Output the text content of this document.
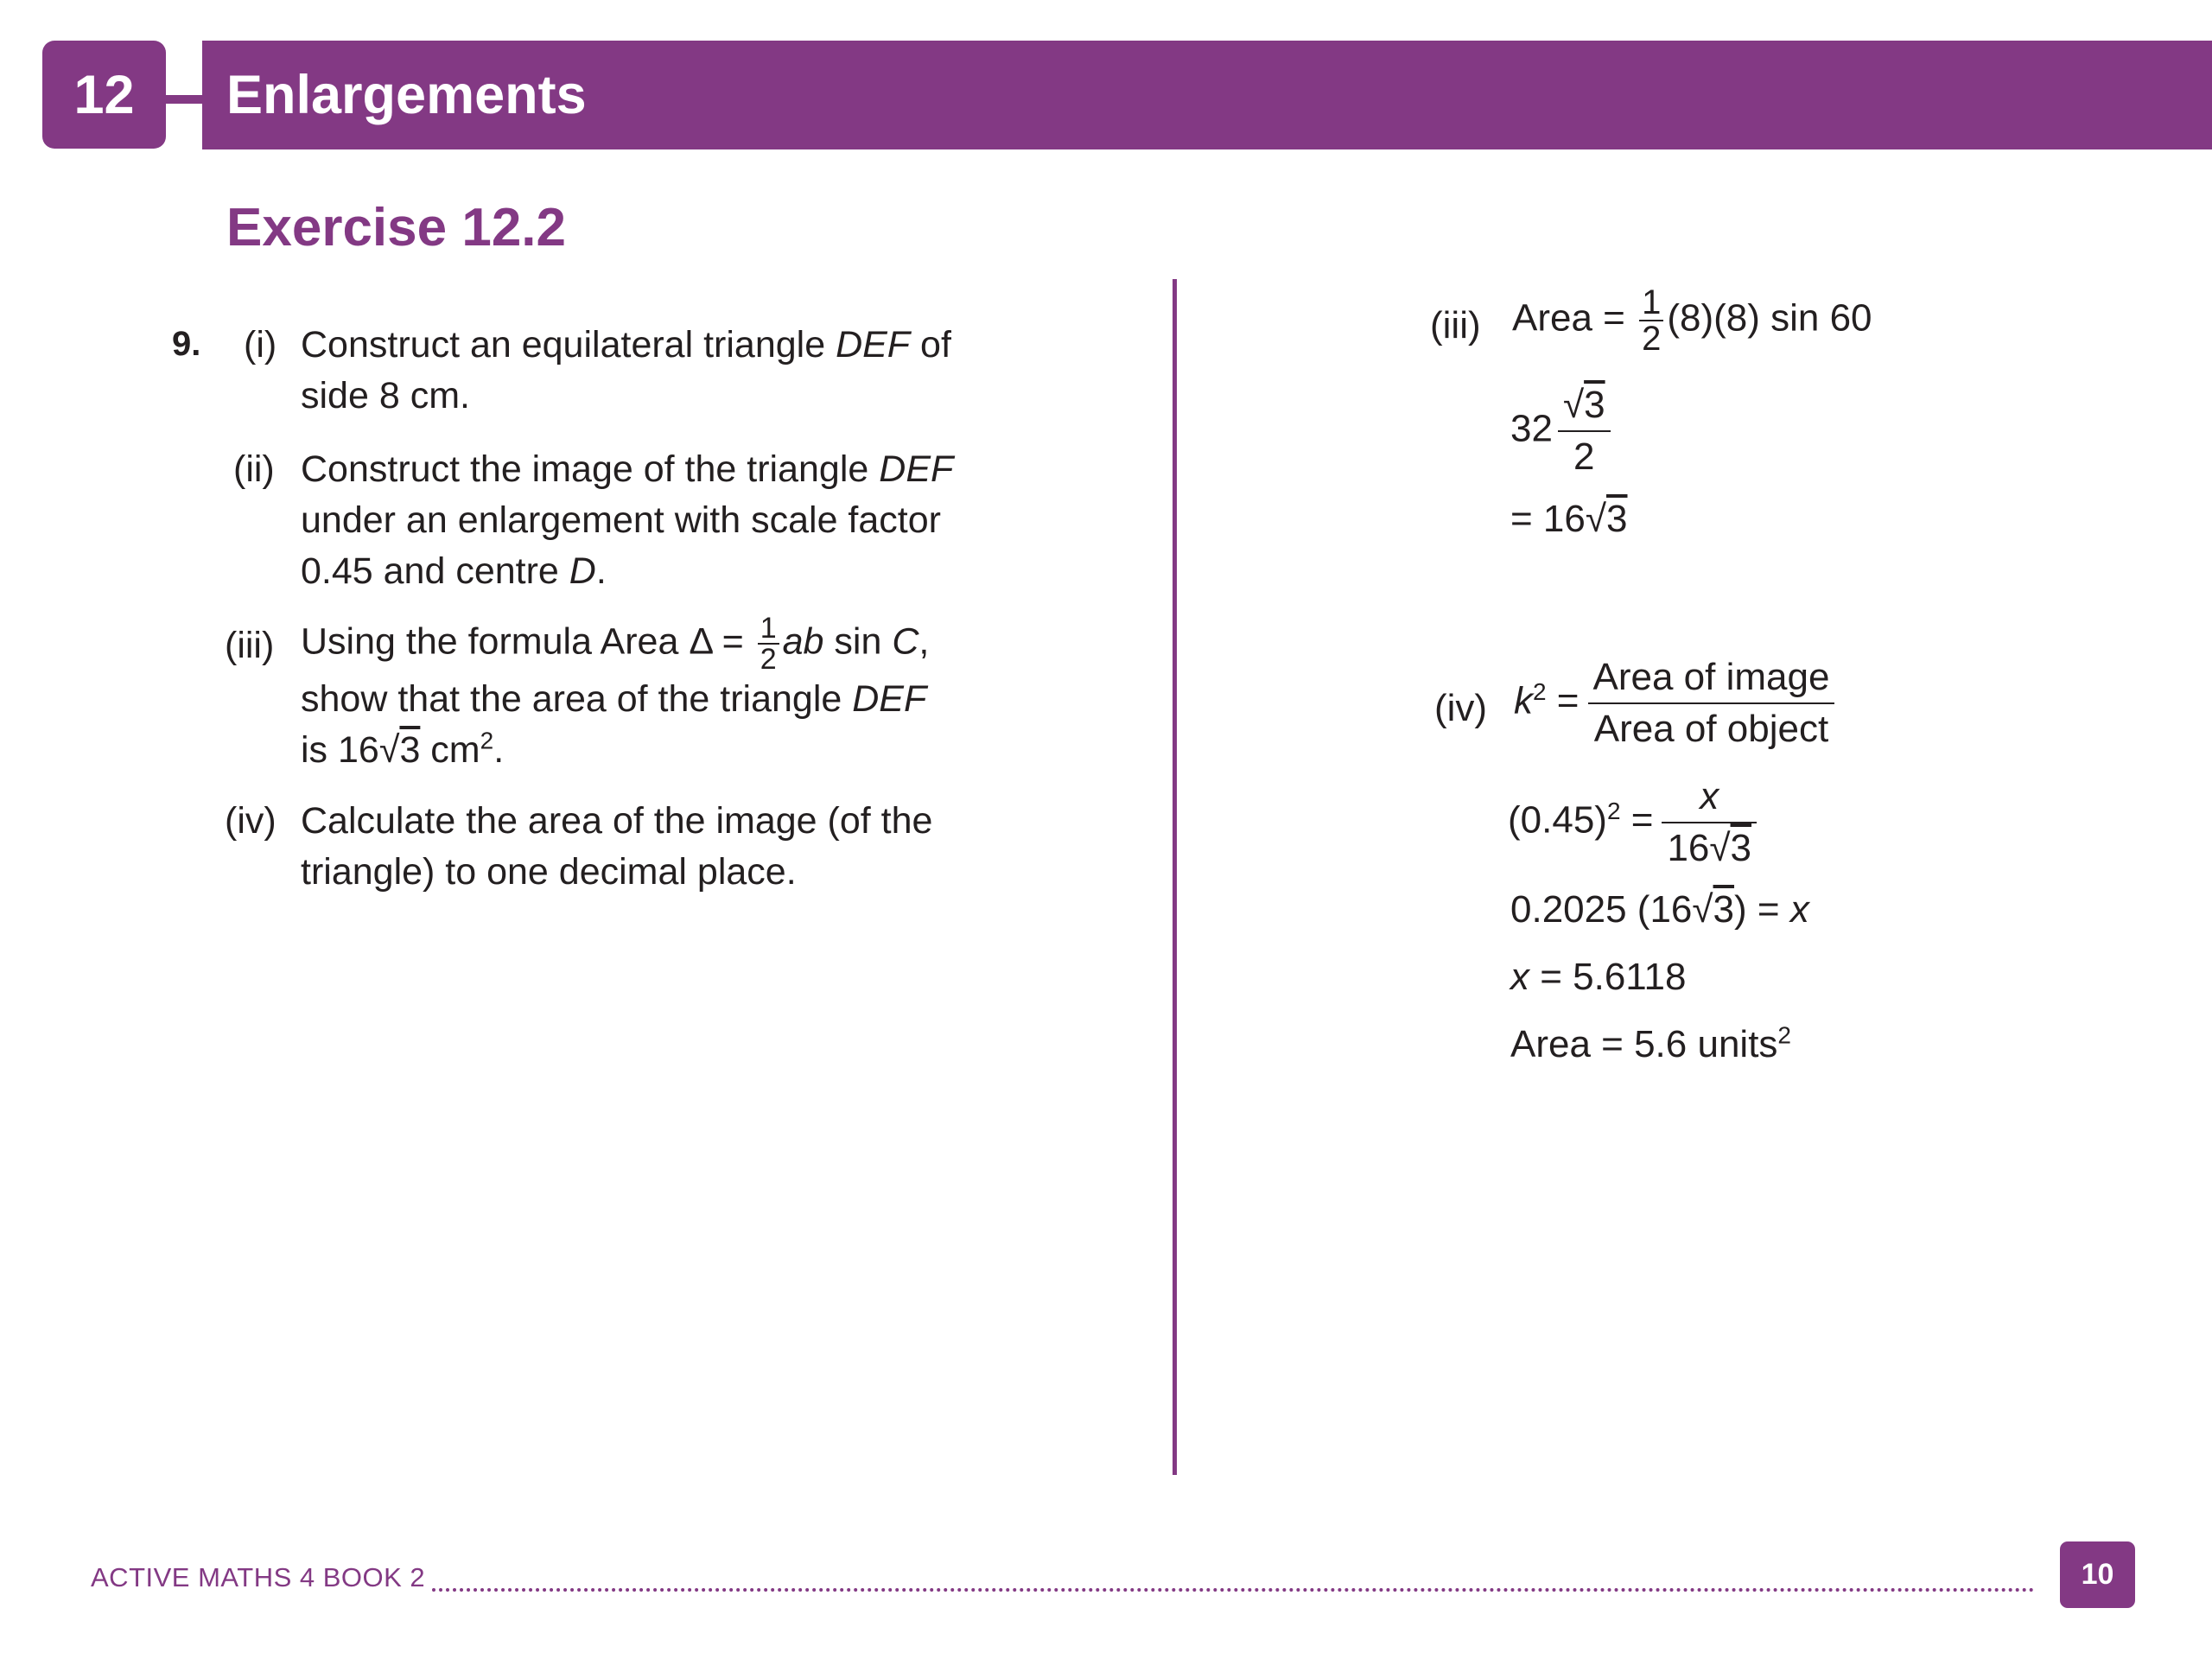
12	Enlargements
Exercise 12.2
9. (i) Construct an equilateral triangle DEF of
side 8 cm.
(ii) Construct the image of the triangle DEF
under an enlargement with scale factor
0.45 and centre D.
(iii) Using the formula Area $\Delta = \frac{1}{2}$ ab sin C,
show that the area of the triangle DEF
is 16√3 $cm^2$.
(iv) Calculate the area of the image (of the
triangle) to one decimal place.
(iii) Area = $\frac{1}{2} (8)(8)$ sin 60
$32 \frac{√3}{2}$
= 16√3
(iv) $k^2$ =
Area of image
Area of object
$(0.45)^2 = \frac{x}{16√3}$
0.2025 (16√3) = x
x = 5.6118
Area = 5.6 units$^2$
ACTIVE MATHS 4 BOOK 2	10
